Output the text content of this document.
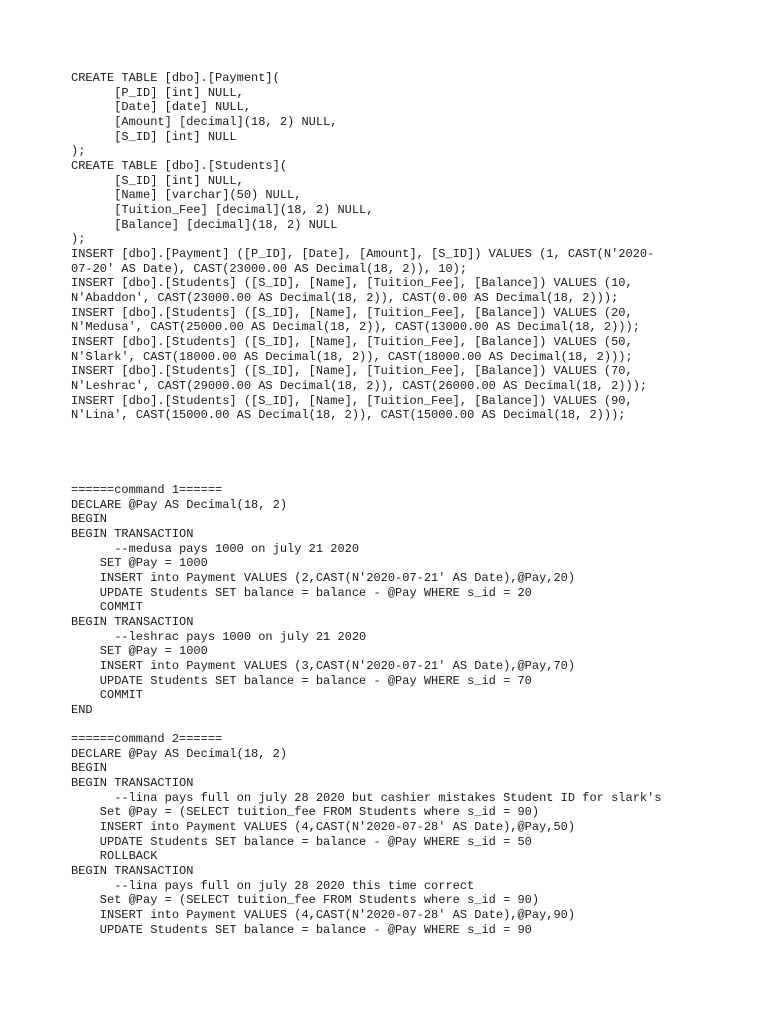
CREATE TABLE [dbo].[Payment](
[P_ID] [int] NULL,
[Date] [date] NULL,
[Amount] [decimal](18, 2) NULL,
[S_ID] [int] NULL
);
CREATE TABLE [dbo].[Students](
[S_ID] [int] NULL,
[Name] [varchar](50) NULL,
[Tuition_Fee] [decimal](18, 2) NULL,
[Balance] [decimal](18, 2) NULL
);
INSERT [dbo].[Payment] ([P_ID], [Date], [Amount], [S_ID]) VALUES (1, CAST(N'2020-
07-20' AS Date), CAST(23000.00 AS Decimal(18, 2)), 10);
INSERT [dbo].[Students] ([S_ID], [Name], [Tuition_Fee], [Balance]) VALUES (10,
N'Abaddon', CAST(23000.00 AS Decimal(18, 2)), CAST(0.00 AS Decimal(18, 2)));
INSERT [dbo].[Students] ([S_ID], [Name], [Tuition_Fee], [Balance]) VALUES (20,
N'Medusa', CAST(25000.00 AS Decimal(18, 2)), CAST(13000.00 AS Decimal(18, 2)));
INSERT [dbo].[Students] ([S_ID], [Name], [Tuition_Fee], [Balance]) VALUES (50,
N'Slark', CAST(18000.00 AS Decimal(18, 2)), CAST(18000.00 AS Decimal(18, 2)));
INSERT [dbo].[Students] ([S_ID], [Name], [Tuition_Fee], [Balance]) VALUES (70,
N'Leshrac', CAST(29000.00 AS Decimal(18, 2)), CAST(26000.00 AS Decimal(18, 2)));
INSERT [dbo].[Students] ([S_ID], [Name], [Tuition_Fee], [Balance]) VALUES (90,
N'Lina', CAST(15000.00 AS Decimal(18, 2)), CAST(15000.00 AS Decimal(18, 2)));
======command 1======
DECLARE @Pay AS Decimal(18, 2)
BEGIN
BEGIN TRANSACTION
--medusa pays 1000 on july 21 2020
SET @Pay = 1000
INSERT into Payment VALUES (2,CAST(N'2020-07-21' AS Date),@Pay,20)
UPDATE Students SET balance = balance - @Pay WHERE s_id = 20
COMMIT
BEGIN TRANSACTION
--leshrac pays 1000 on july 21 2020
SET @Pay = 1000
INSERT into Payment VALUES (3,CAST(N'2020-07-21' AS Date),@Pay,70)
UPDATE Students SET balance = balance - @Pay WHERE s_id = 70
COMMIT
END
======command 2======
DECLARE @Pay AS Decimal(18, 2)
BEGIN
BEGIN TRANSACTION
--lina pays full on july 28 2020 but cashier mistakes Student ID for slark's
Set @Pay = (SELECT tuition_fee FROM Students where s_id = 90)
INSERT into Payment VALUES (4,CAST(N'2020-07-28' AS Date),@Pay,50)
UPDATE Students SET balance = balance - @Pay WHERE s_id = 50
ROLLBACK
BEGIN TRANSACTION
--lina pays full on july 28 2020 this time correct
Set @Pay = (SELECT tuition_fee FROM Students where s_id = 90)
INSERT into Payment VALUES (4,CAST(N'2020-07-28' AS Date),@Pay,90)
UPDATE Students SET balance = balance - @Pay WHERE s_id = 90
